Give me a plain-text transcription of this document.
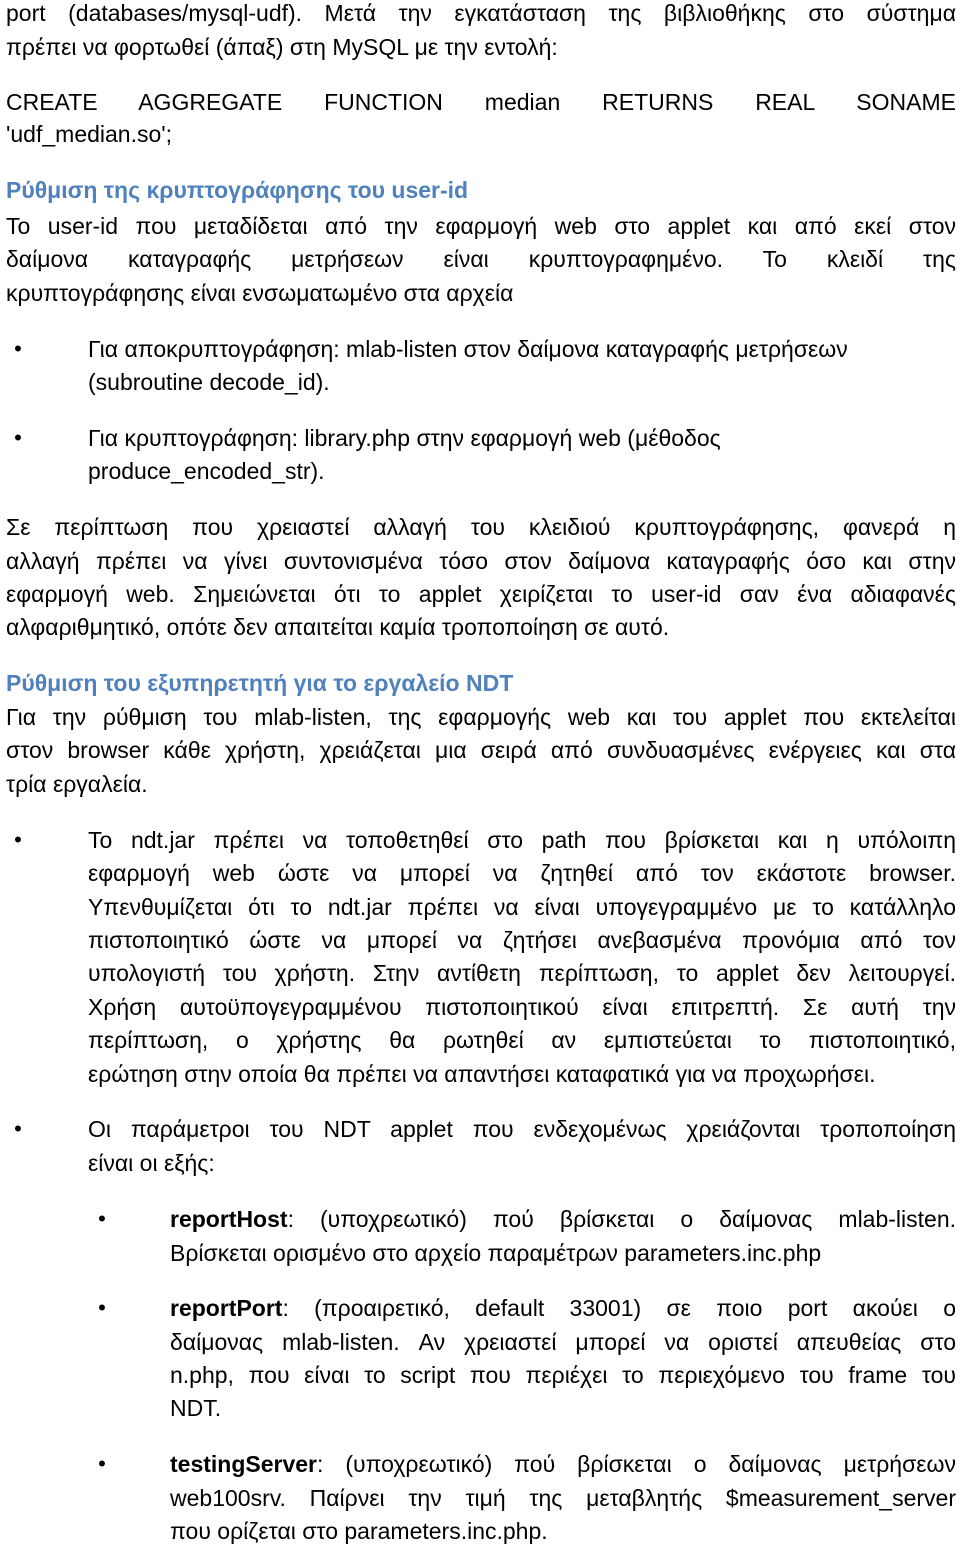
port (databases/mysql-udf). Μετά την εγκατάσταση της βιβλιοθήκης στο σύστημα
πρέπει να φορτωθεί (άπαξ) στη MySQL με την εντολή:
CREATE AGGREGATE FUNCTION median RETURNS REAL SONAME
'udf_median.so';
Ρύθμιση της κρυπτογράφησης του user-id
Το user-id που μεταδίδεται από την εφαρμογή web στο applet και από εκεί στον
δαίμονα καταγραφής μετρήσεων είναι κρυπτογραφημένο. Το κλειδί της
κρυπτογράφησης είναι ενσωματωμένο στα αρχεία
•	Για αποκρυπτογράφηση: mlab-listen στον δαίμονα καταγραφής μετρήσεων
(subroutine decode_id).
•	Για κρυπτογράφηση: library.php στην εφαρμογή web (μέθοδος
produce_encoded_str).
Σε περίπτωση που χρειαστεί αλλαγή του κλειδιού κρυπτογράφησης, φανερά η
αλλαγή πρέπει να γίνει συντονισμένα τόσο στον δαίμονα καταγραφής όσο και στην
εφαρμογή web. Σημειώνεται ότι το applet χειρίζεται το user-id σαν ένα αδιαφανές
αλφαριθμητικό, οπότε δεν απαιτείται καμία τροποποίηση σε αυτό.
Ρύθμιση του εξυπηρετητή για το εργαλείο NDT
Για την ρύθμιση του mlab-listen, της εφαρμογής web και του applet που εκτελείται
στον browser κάθε χρήστη, χρειάζεται μια σειρά από συνδυασμένες ενέργειες και στα
τρία εργαλεία.
•	Το ndt.jar πρέπει να τοποθετηθεί στο path που βρίσκεται και η υπόλοιπη
εφαρμογή web ώστε να μπορεί να ζητηθεί από τον εκάστοτε browser.
Υπενθυμίζεται ότι το ndt.jar πρέπει να είναι υπογεγραμμένο με το κατάλληλο
πιστοποιητικό ώστε να μπορεί να ζητήσει ανεβασμένα προνόμια από τον
υπολογιστή του χρήστη. Στην αντίθετη περίπτωση, το applet δεν λειτουργεί.
Χρήση αυτοϋπογεγραμμένου πιστοποιητικού είναι επιτρεπτή. Σε αυτή την
περίπτωση, ο χρήστης θα ρωτηθεί αν εμπιστεύεται το πιστοποιητικό,
ερώτηση στην οποία θα πρέπει να απαντήσει καταφατικά για να προχωρήσει.
•	Οι παράμετροι του NDT applet που ενδεχομένως χρειάζονται τροποποίηση
είναι οι εξής:
•	reportHost: (υποχρεωτικό) πού βρίσκεται ο δαίμονας mlab-listen.
Βρίσκεται ορισμένο στο αρχείο παραμέτρων parameters.inc.php
•	reportPort: (προαιρετικό, default 33001) σε ποιο port ακούει ο
δαίμονας mlab-listen. Αν χρειαστεί μπορεί να οριστεί απευθείας στο
n.php, που είναι το script που περιέχει το περιεχόμενο του frame του
NDT.
•	testingServer: (υποχρεωτικό) πού βρίσκεται ο δαίμονας μετρήσεων
web100srv. Παίρνει την τιμή της μεταβλητής $measurement_server
που ορίζεται στο parameters.inc.php.
